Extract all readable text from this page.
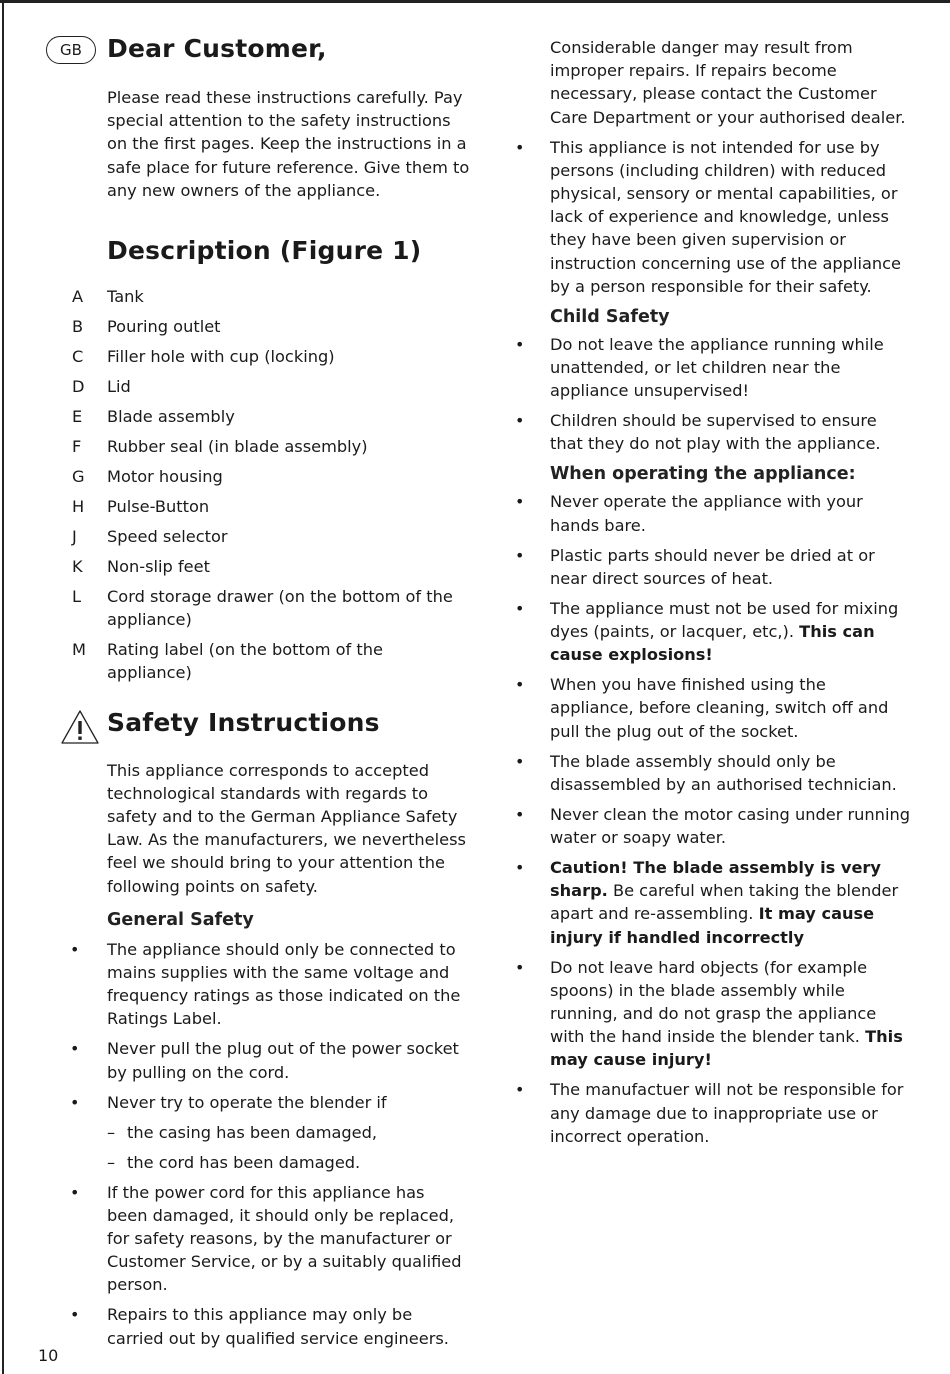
GB	Dear Customer,
Please read these instructions carefully. Pay special attention to the safety instructions on the first pages. Keep the instructions in a safe place for future reference. Give them to any new owners of the appliance.
Description (Figure 1)
A	Tank
B	Pouring outlet
C	Filler hole with cup (locking)
D	Lid
E	Blade assembly
F	Rubber seal (in blade assembly)
G	Motor housing
H	Pulse-Button
J	Speed selector
K	Non-slip feet
L	Cord storage drawer (on the bottom of the appliance)
M	Rating label (on the bottom of the appliance)
Safety Instructions
This appliance corresponds to accepted technological standards with regards to safety and to the German Appliance Safety Law. As the manufacturers, we nevertheless feel we should bring to your attention the following points on safety.
General Safety
•	The appliance should only be connected to mains supplies with the same voltage and frequency ratings as those indicated on the Ratings Label.
•	Never pull the plug out of the power socket by pulling on the cord.
•	Never try to operate the blender if
– the casing has been damaged,
– the cord has been damaged.
•	If the power cord for this appliance has been damaged, it should only be replaced, for safety reasons, by the manufacturer or Customer Service, or by a suitably qualified person.
•	Repairs to this appliance may only be carried out by qualified service engineers.
Considerable danger may result from improper repairs. If repairs become necessary, please contact the Customer Care Department or your authorised dealer.
•	This appliance is not intended for use by persons (including children) with reduced physical, sensory or mental capabilities, or lack of experience and knowledge, unless they have been given supervision or instruction concerning use of the appliance by a person responsible for their safety.
Child Safety
•	Do not leave the appliance running while unattended, or let children near the appliance unsupervised!
•	Children should be supervised to ensure that they do not play with the appliance.
When operating the appliance:
•	Never operate the appliance with your hands bare.
•	Plastic parts should never be dried at or near direct sources of heat.
•	The appliance must not be used for mixing dyes (paints, or lacquer, etc,). This can cause explosions!
•	When you have finished using the appliance, before cleaning, switch off and pull the plug out of the socket.
•	The blade assembly should only be disassembled by an authorised technician.
•	Never clean the motor casing under running water or soapy water.
•	Caution! The blade assembly is very sharp. Be careful when taking the blender apart and re-assembling. It may cause injury if handled incorrectly
•	Do not leave hard objects (for example spoons) in the blade assembly while running, and do not grasp the appliance with the hand inside the blender tank. This may cause injury!
•	The manufactuer will not be responsible for any damage due to inappropriate use or incorrect operation.
10
